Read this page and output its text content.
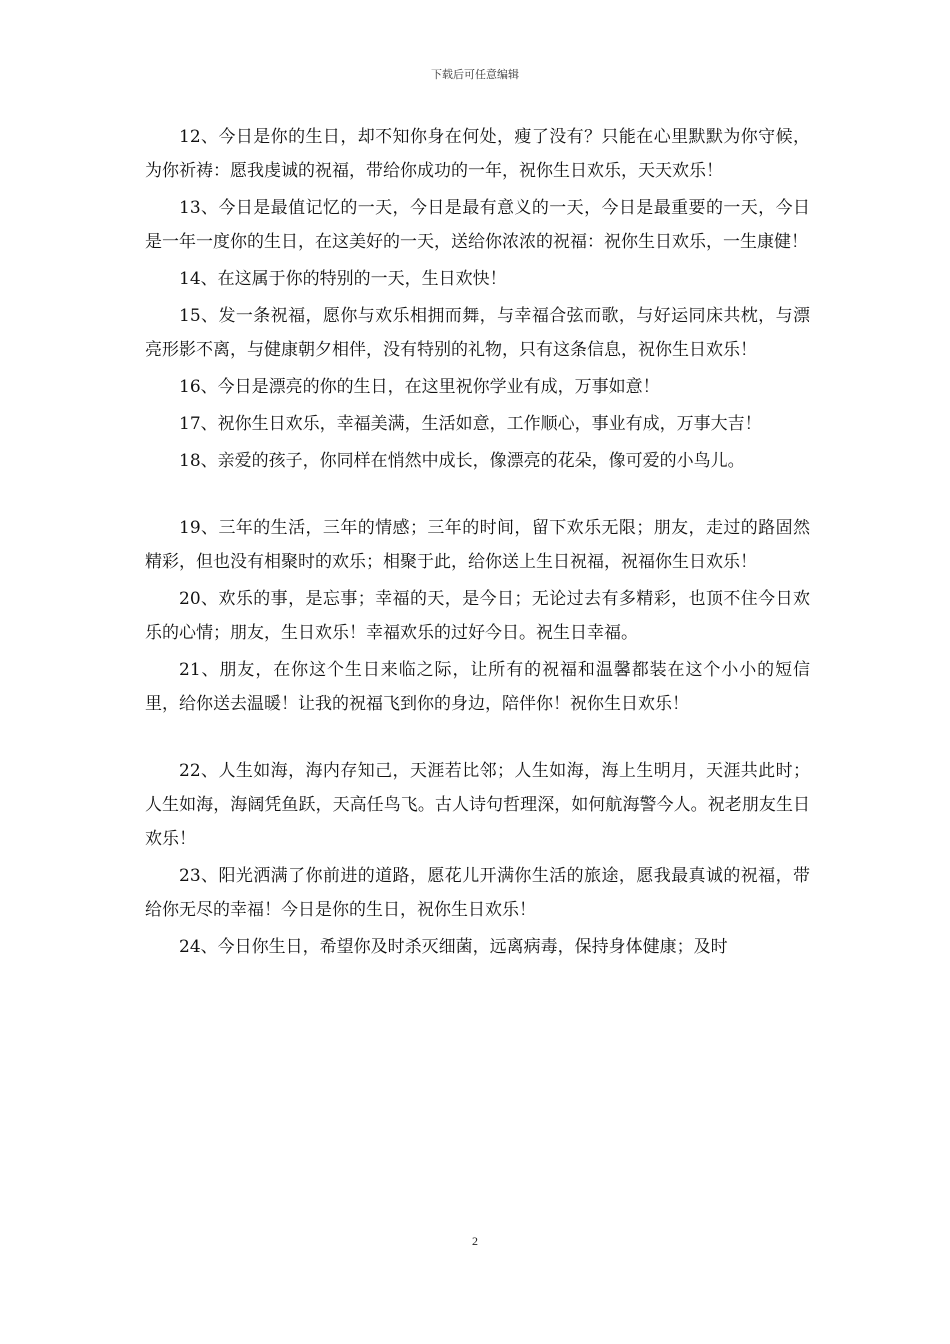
下载后可任意编辑

12、今日是你的生日，却不知你身在何处，瘦了没有？只能在心里默默为你守候，为你祈祷：愿我虔诚的祝福，带给你成功的一年，祝你生日欢乐，天天欢乐！

13、今日是最值记忆的一天，今日是最有意义的一天，今日是最重要的一天，今日是一年一度你的生日，在这美好的一天，送给你浓浓的祝福：祝你生日欢乐，一生康健！

14、在这属于你的特别的一天，生日欢快！

15、发一条祝福，愿你与欢乐相拥而舞，与幸福合弦而歌，与好运同床共枕，与漂亮形影不离，与健康朝夕相伴，没有特别的礼物，只有这条信息，祝你生日欢乐！

16、今日是漂亮的你的生日，在这里祝你学业有成，万事如意！

17、祝你生日欢乐，幸福美满，生活如意，工作顺心，事业有成，万事大吉！

18、亲爱的孩子，你同样在悄然中成长，像漂亮的花朵，像可爱的小鸟儿。

19、三年的生活，三年的情感；三年的时间，留下欢乐无限；朋友，走过的路固然精彩，但也没有相聚时的欢乐；相聚于此，给你送上生日祝福，祝福你生日欢乐！

20、欢乐的事，是忘事；幸福的天，是今日；无论过去有多精彩，也顶不住今日欢乐的心情；朋友，生日欢乐！幸福欢乐的过好今日。祝生日幸福。

21、朋友，在你这个生日来临之际，让所有的祝福和温馨都装在这个小小的短信里，给你送去温暖！让我的祝福飞到你的身边，陪伴你！祝你生日欢乐！

22、人生如海，海内存知己，天涯若比邻；人生如海，海上生明月，天涯共此时；人生如海，海阔凭鱼跃，天高任鸟飞。古人诗句哲理深，如何航海警今人。祝老朋友生日欢乐！

23、阳光洒满了你前进的道路，愿花儿开满你生活的旅途，愿我最真诚的祝福，带给你无尽的幸福！今日是你的生日，祝你生日欢乐！

24、今日你生日，希望你及时杀灭细菌，远离病毒，保持身体健康；及时

2
